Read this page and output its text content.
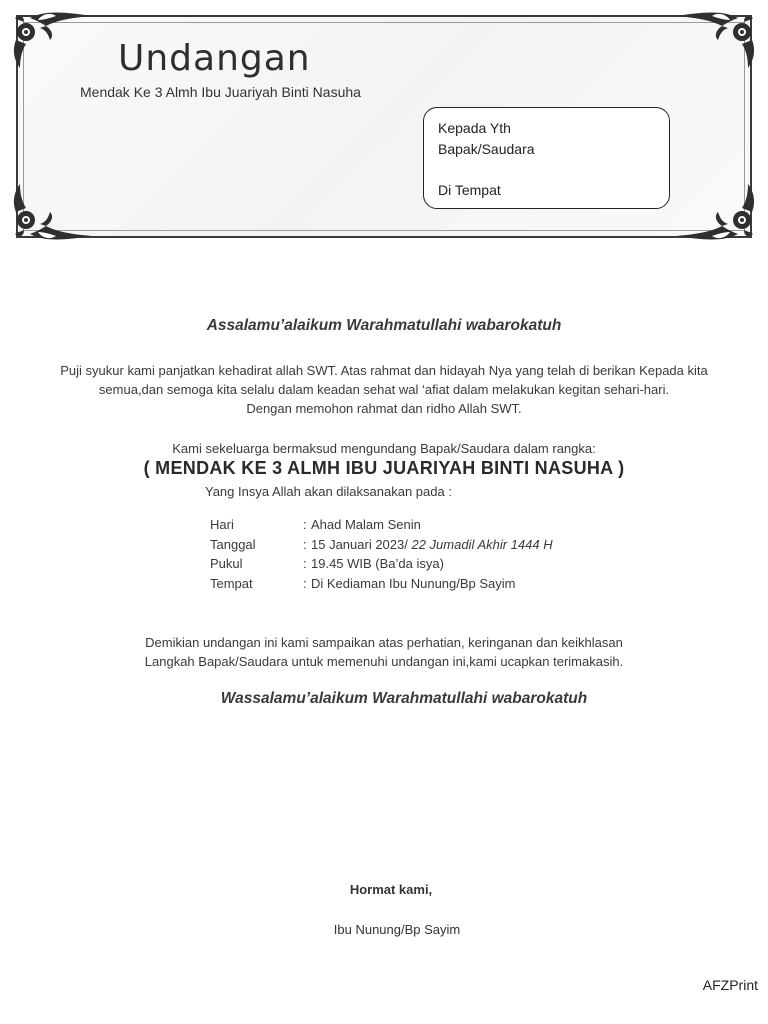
Undangan
Mendak Ke 3 Almh Ibu Juariyah Binti Nasuha
Kepada Yth
Bapak/Saudara
Di Tempat
Assalamu’alaikum Warahmatullahi wabarokatuh
Puji syukur kami panjatkan kehadirat allah SWT. Atas rahmat dan hidayah Nya yang telah di berikan Kepada kita
semua,dan semoga kita selalu dalam keadan sehat wal ‘afiat dalam melakukan kegitan sehari-hari.
Dengan memohon rahmat dan ridho Allah SWT.
Kami sekeluarga bermaksud mengundang Bapak/Saudara dalam rangka:
( MENDAK KE 3 ALMH IBU JUARIYAH BINTI NASUHA )
Yang Insya Allah akan dilaksanakan pada :
Hari	: Ahad Malam Senin
Tanggal	: 15 Januari 2023/ 22 Jumadil Akhir 1444 H
Pukul	: 19.45 WIB (Ba’da isya)
Tempat	: Di Kediaman Ibu Nunung/Bp Sayim
Demikian undangan ini kami sampaikan atas perhatian, keringanan dan keikhlasan
Langkah Bapak/Saudara untuk memenuhi undangan ini,kami ucapkan terimakasih.
Wassalamu’alaikum Warahmatullahi wabarokatuh
Hormat kami,
Ibu Nunung/Bp Sayim
AFZPrint
